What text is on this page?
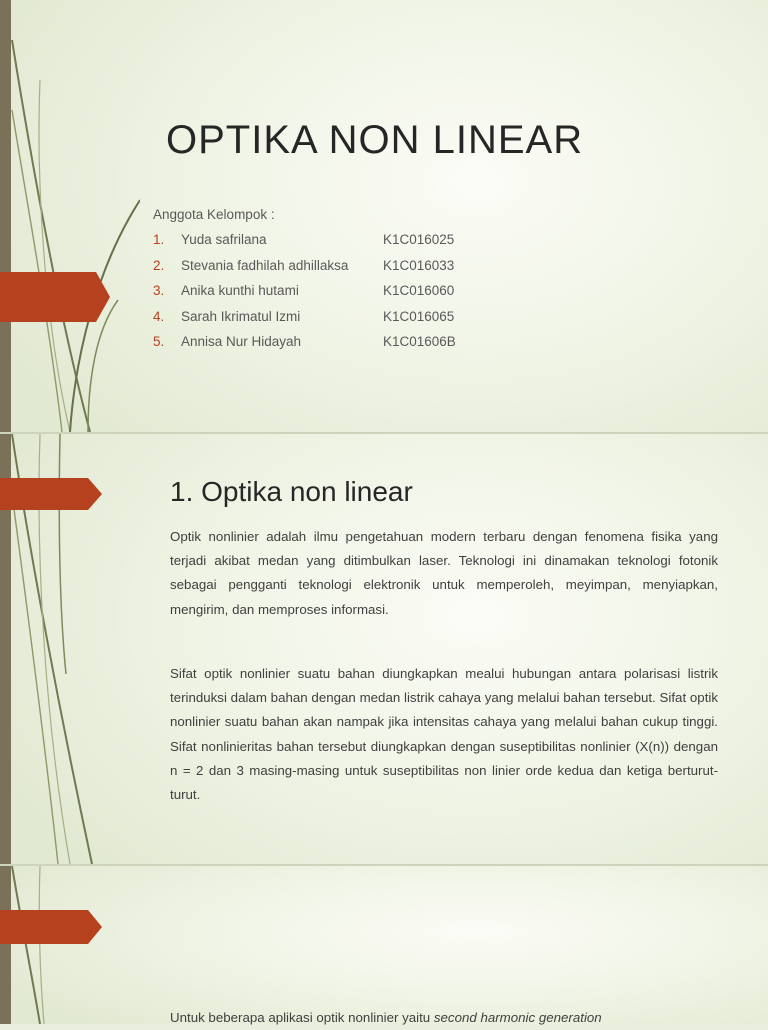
OPTIKA NON LINEAR
Anggota Kelompok :
1. Yuda safrilana	K1C016025
2. Stevania fadhilah adhillaksa	K1C016033
3. Anika kunthi hutami	K1C016060
4. Sarah Ikrimatul Izmi	K1C016065
5. Annisa Nur Hidayah	K1C01606B
1. Optika non linear

Optik nonlinier adalah ilmu pengetahuan modern terbaru dengan fenomena fisika yang terjadi akibat medan yang ditimbulkan laser. Teknologi ini dinamakan teknologi fotonik sebagai pengganti teknologi elektronik untuk memperoleh, meyimpan, menyiapkan, mengirim, dan memproses informasi.

Sifat optik nonlinier suatu bahan diungkapkan mealui hubungan antara polarisasi listrik terinduksi dalam bahan dengan medan listrik cahaya yang melalui bahan tersebut. Sifat optik nonlinier suatu bahan akan nampak jika intensitas cahaya yang melalui bahan cukup tinggi. Sifat nonlinieritas bahan tersebut diungkapkan dengan suseptibilitas nonlinier (X(n)) dengan n = 2 dan 3 masing-masing untuk suseptibilitas non linier orde kedua dan ketiga berturut-turut.

Untuk beberapa aplikasi optik nonlinier yaitu second harmonic generation
